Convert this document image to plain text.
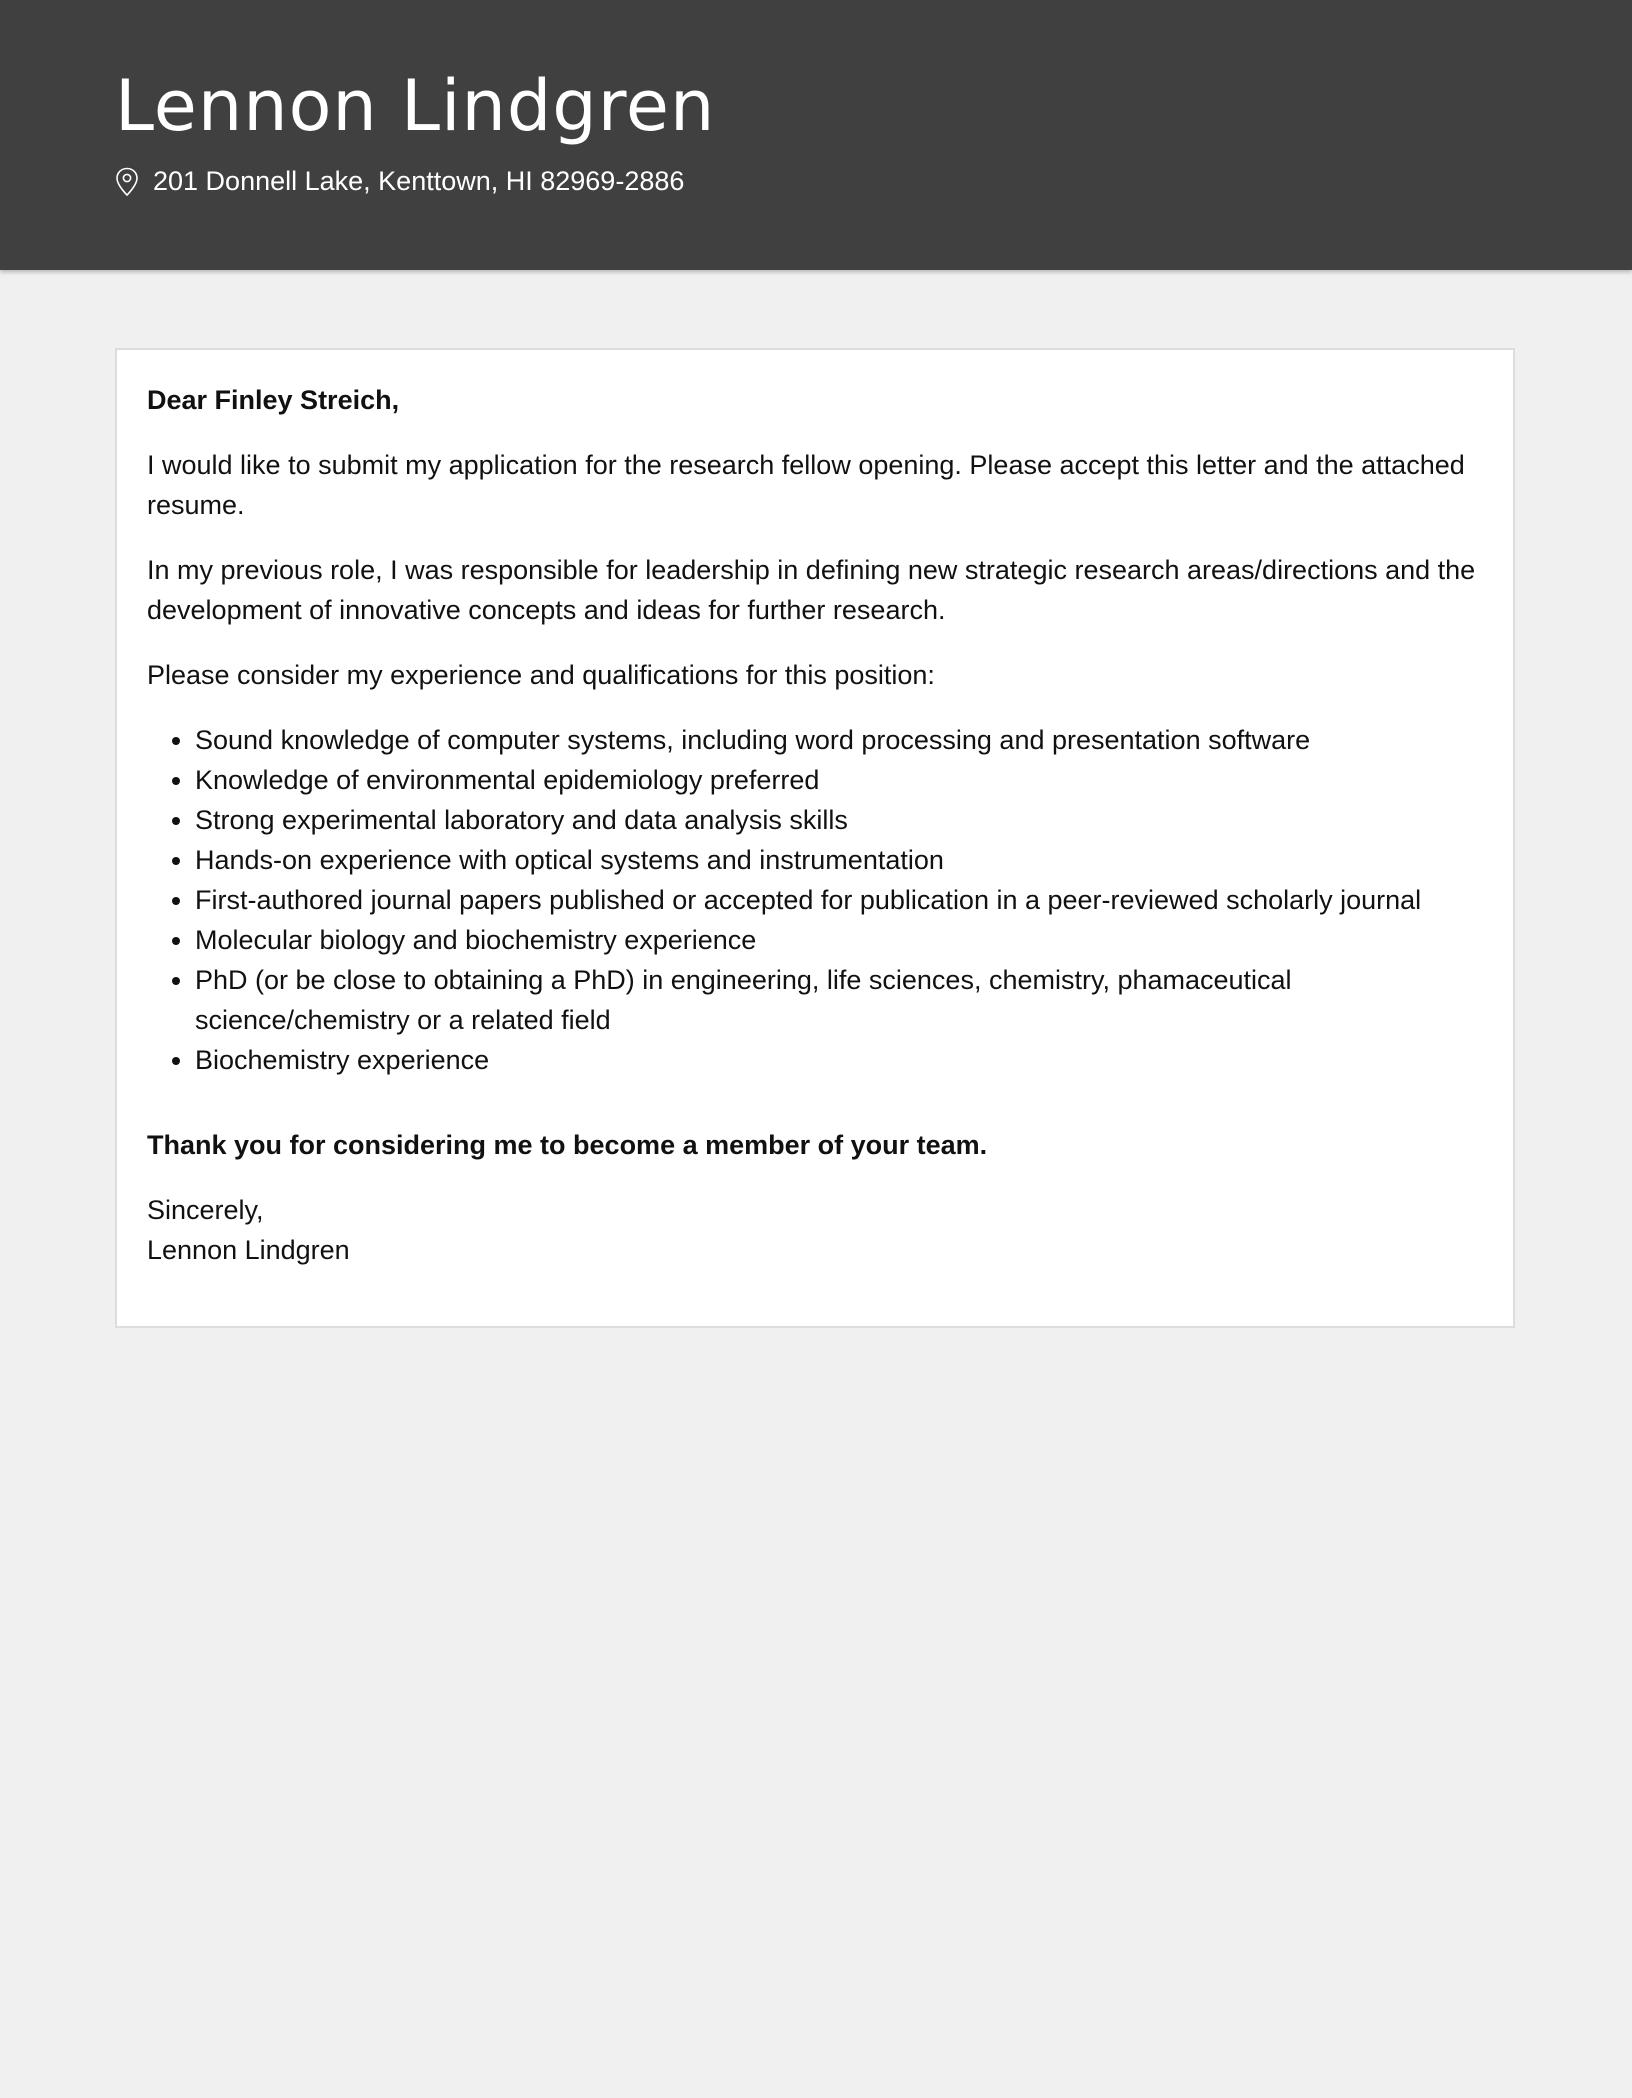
Lennon Lindgren
201 Donnell Lake, Kenttown, HI 82969-2886

Dear Finley Streich,

I would like to submit my application for the research fellow opening. Please accept this letter and the attached resume.

In my previous role, I was responsible for leadership in defining new strategic research areas/directions and the development of innovative concepts and ideas for further research.

Please consider my experience and qualifications for this position:

• Sound knowledge of computer systems, including word processing and presentation software
• Knowledge of environmental epidemiology preferred
• Strong experimental laboratory and data analysis skills
• Hands-on experience with optical systems and instrumentation
• First-authored journal papers published or accepted for publication in a peer-reviewed scholarly journal
• Molecular biology and biochemistry experience
• PhD (or be close to obtaining a PhD) in engineering, life sciences, chemistry, phamaceutical science/chemistry or a related field
• Biochemistry experience

Thank you for considering me to become a member of your team.

Sincerely,
Lennon Lindgren
